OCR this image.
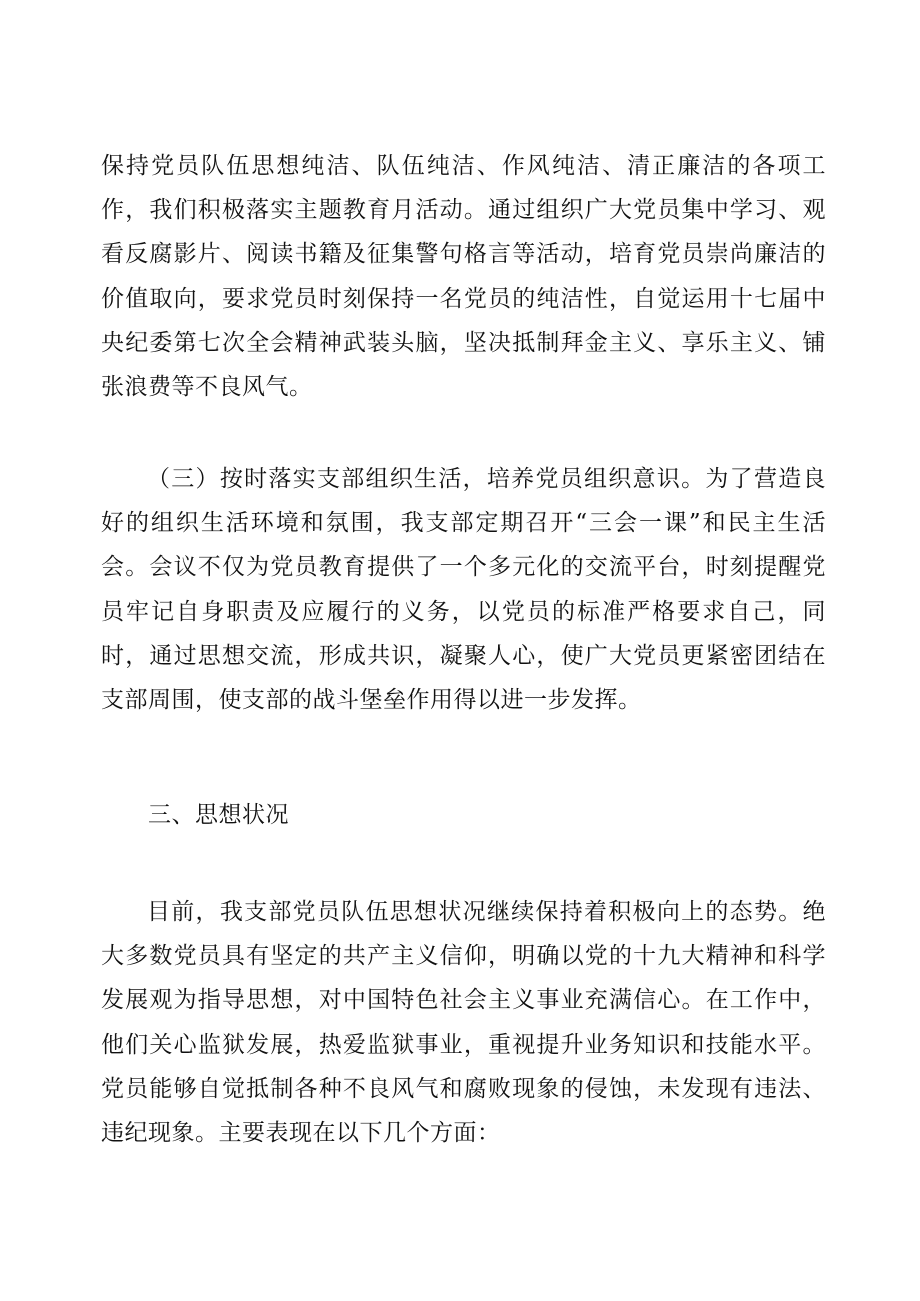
保持党员队伍思想纯洁、队伍纯洁、作风纯洁、清正廉洁的各项工作，我们积极落实主题教育月活动。通过组织广大党员集中学习、观看反腐影片、阅读书籍及征集警句格言等活动，培育党员崇尚廉洁的价值取向，要求党员时刻保持一名党员的纯洁性，自觉运用十七届中央纪委第七次全会精神武装头脑，坚决抵制拜金主义、享乐主义、铺张浪费等不良风气。

（三）按时落实支部组织生活，培养党员组织意识。为了营造良好的组织生活环境和氛围，我支部定期召开“三会一课”和民主生活会。会议不仅为党员教育提供了一个多元化的交流平台，时刻提醒党员牢记自身职责及应履行的义务，以党员的标准严格要求自己，同时，通过思想交流，形成共识，凝聚人心，使广大党员更紧密团结在支部周围，使支部的战斗堡垒作用得以进一步发挥。

三、思想状况

目前，我支部党员队伍思想状况继续保持着积极向上的态势。绝大多数党员具有坚定的共产主义信仰，明确以党的十九大精神和科学发展观为指导思想，对中国特色社会主义事业充满信心。在工作中，他们关心监狱发展，热爱监狱事业，重视提升业务知识和技能水平。党员能够自觉抵制各种不良风气和腐败现象的侵蚀，未发现有违法、违纪现象。主要表现在以下几个方面：
